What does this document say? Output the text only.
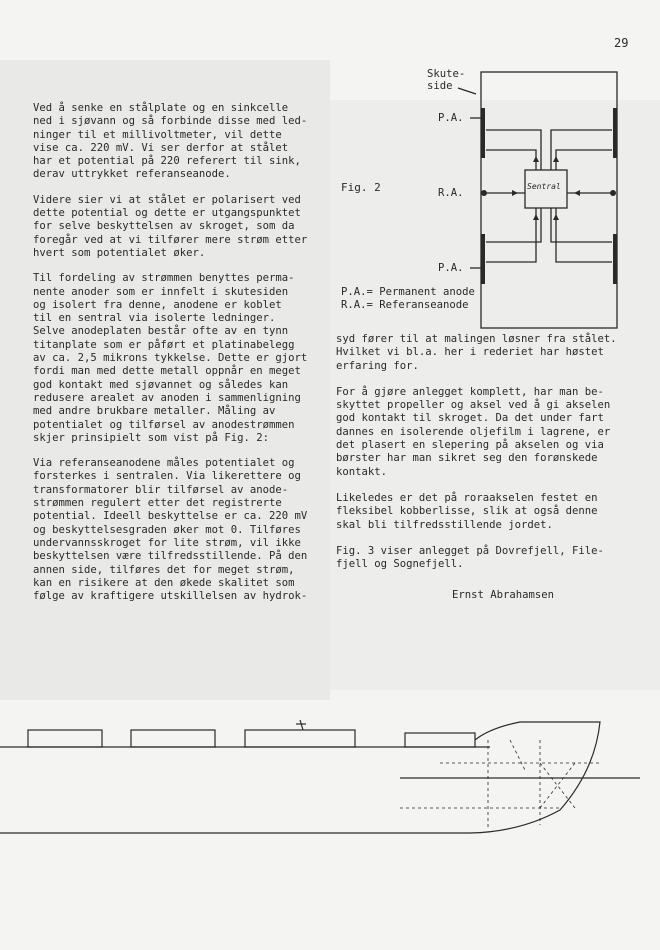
29

Ved å senke en stålplate og en sinkcelle
ned i sjøvann og så forbinde disse med led-
ninger til et millivoltmeter, vil dette
vise ca. 220 mV. Vi ser derfor at stålet
har et potential på 220 referert til sink,
derav uttrykket referanseanode.

Videre sier vi at stålet er polarisert ved
dette potential og dette er utgangspunktet
for selve beskyttelsen av skroget, som da
foregår ved at vi tilfører mere strøm etter
hvert som potentialet øker.

Til fordeling av strømmen benyttes perma-
nente anoder som er innfelt i skutesiden
og isolert fra denne, anodene er koblet
til en sentral via isolerte ledninger.
Selve anodeplaten består ofte av en tynn
titanplate som er påført et platinabelegg
av ca. 2,5 mikrons tykkelse. Dette er gjort
fordi man med dette metall oppnår en meget
god kontakt med sjøvannet og således kan
redusere arealet av anoden i sammenligning
med andre brukbare metaller. Måling av
potentialet og tilførsel av anodestrømmen
skjer prinsipielt som vist på Fig. 2:

Via referanseanodene måles potentialet og
forsterkes i sentralen. Via likerettere og
transformatorer blir tilførsel av anode-
strømmen regulert etter det registrerte
potential. Ideell beskyttelse er ca. 220 mV
og beskyttelsesgraden øker mot 0. Tilføres
undervannsskroget for lite strøm, vil ikke
beskyttelsen være tilfredsstillende. På den
annen side, tilføres det for meget strøm,
kan en risikere at den økede skalitet som
følge av kraftigere utskillelsen av hydrok-

Skute-
side
P.A.
R.A.
P.A.
Sentral
Fig. 2
P.A.= Permanent anode
R.A.= Referanseanode

syd fører til at malingen løsner fra stålet.
Hvilket vi bl.a. her i rederiet har høstet
erfaring for.

For å gjøre anlegget komplett, har man be-
skyttet propeller og aksel ved å gi akselen
god kontakt til skroget. Da det under fart
dannes en isolerende oljefilm i lagrene, er
det plasert en slepering på akselen og via
børster har man sikret seg den forønskede
kontakt.

Likeledes er det på roraakselen festet en
fleksibel kobberlisse, slik at også denne
skal bli tilfredsstillende jordet.

Fig. 3 viser anlegget på Dovrefjell, File-
fjell og Sognefjell.

Ernst Abrahamsen
